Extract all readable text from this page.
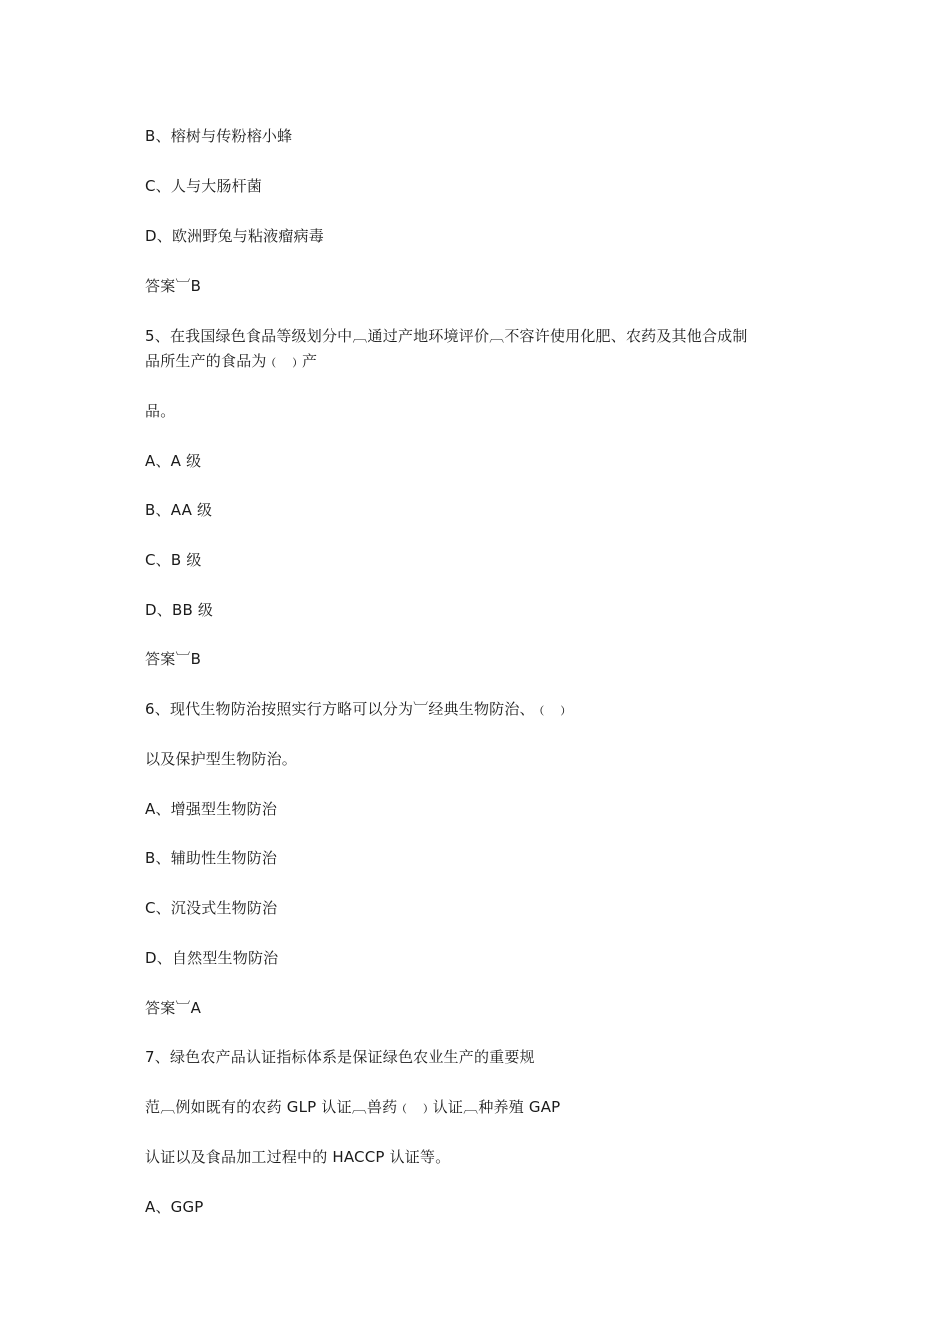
B、榕树与传粉榕小蜂
C、人与大肠杆菌
D、欧洲野兔与粘液瘤病毒
答案︺B
5、在我国绿色食品等级划分中︹通过产地环境评价︹不容许使用化肥、农药及其他合成制
品所生产的食品为﹙ ﹚产
品。
A、A 级
B、AA 级
C、B 级
D、BB 级
答案︺B
6、现代生物防治按照实行方略可以分为︺经典生物防治、﹙ ﹚
以及保护型生物防治。
A、增强型生物防治
B、辅助性生物防治
C、沉没式生物防治
D、自然型生物防治
答案︺A
7、绿色农产品认证指标体系是保证绿色农业生产的重要规
范︹例如既有的农药 GLP 认证︹兽药﹙ ﹚认证︹种养殖 GAP
认证以及食品加工过程中的 HACCP 认证等。
A、GGP
